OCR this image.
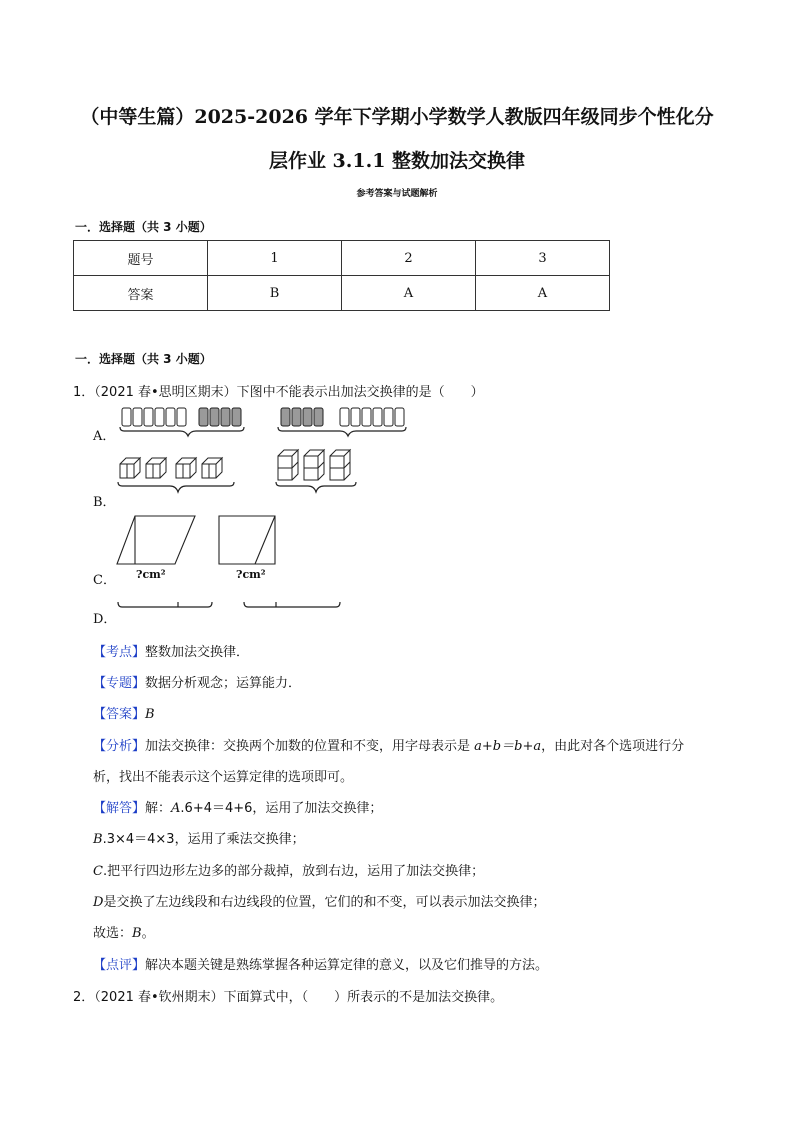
（中等生篇）2025-2026 学年下学期小学数学人教版四年级同步个性化分
层作业 3.1.1 整数加法交换律
参考答案与试题解析
一．选择题（共 3 小题）
题号	1	2	3
答案	B	A	A
一．选择题（共 3 小题）
1．（2021 春•思明区期末）下图中不能表示出加法交换律的是（　　）
A．
B．
C．
D．
?cm²	?cm²
【考点】整数加法交换律．
【专题】数据分析观念；运算能力．
【答案】B
【分析】加法交换律：交换两个加数的位置和不变，用字母表示是 a+b＝b+a，由此对各个选项进行分
析，找出不能表示这个运算定律的选项即可。
【解答】解：A.6+4＝4+6，运用了加法交换律；
B.3×4＝4×3，运用了乘法交换律；
C.把平行四边形左边多的部分裁掉，放到右边，运用了加法交换律；
D是交换了左边线段和右边线段的位置，它们的和不变，可以表示加法交换律；
故选：B。
【点评】解决本题关键是熟练掌握各种运算定律的意义，以及它们推导的方法。
2．（2021 春•钦州期末）下面算式中，（　　）所表示的不是加法交换律。
